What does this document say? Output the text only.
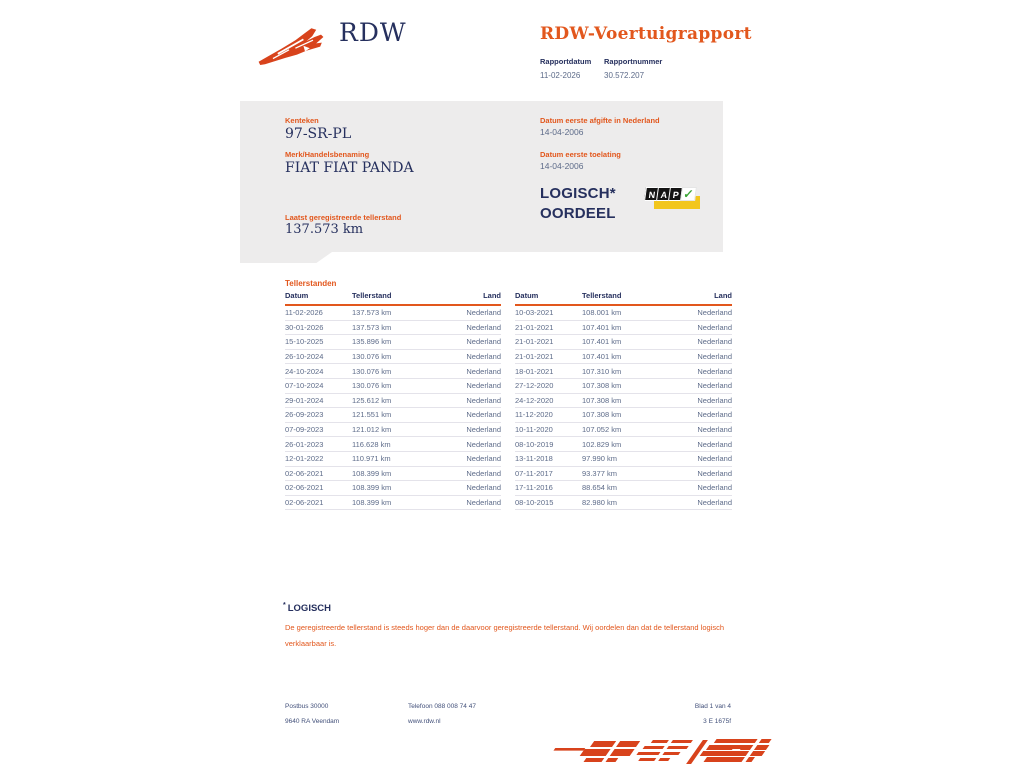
RDW	RDW-Voertuigrapport
Rapportdatum
11-02-2026
Rapportnummer
30.572.207
Kenteken
97-SR-PL
Merk/Handelsbenaming
FIAT FIAT PANDA
Laatst geregistreerde tellerstand
137.573 km
Datum eerste afgifte in Nederland
14-04-2006
Datum eerste toelating
14-04-2006
LOGISCH*
OORDEEL
N A P ✓
Tellerstanden
Datum	Tellerstand	Land
11-02-2026	137.573 km	Nederland
30-01-2026	137.573 km	Nederland
15-10-2025	135.896 km	Nederland
26-10-2024	130.076 km	Nederland
24-10-2024	130.076 km	Nederland
07-10-2024	130.076 km	Nederland
29-01-2024	125.612 km	Nederland
26-09-2023	121.551 km	Nederland
07-09-2023	121.012 km	Nederland
26-01-2023	116.628 km	Nederland
12-01-2022	110.971 km	Nederland
02-06-2021	108.399 km	Nederland
02-06-2021	108.399 km	Nederland
02-06-2021	108.399 km	Nederland
Datum	Tellerstand	Land
10-03-2021	108.001 km	Nederland
21-01-2021	107.401 km	Nederland
21-01-2021	107.401 km	Nederland
21-01-2021	107.401 km	Nederland
18-01-2021	107.310 km	Nederland
27-12-2020	107.308 km	Nederland
24-12-2020	107.308 km	Nederland
11-12-2020	107.308 km	Nederland
10-11-2020	107.052 km	Nederland
08-10-2019	102.829 km	Nederland
13-11-2018	97.990 km	Nederland
07-11-2017	93.377 km	Nederland
17-11-2016	88.654 km	Nederland
08-10-2015	82.980 km	Nederland
* LOGISCH
De geregistreerde tellerstand is steeds hoger dan de daarvoor geregistreerde tellerstand. Wij oordelen dan dat de tellerstand logisch verklaarbaar is.
Postbus 30000
9640 RA Veendam
Telefoon 088 008 74 47
www.rdw.nl
Blad 1 van 4
3 E 1675f
